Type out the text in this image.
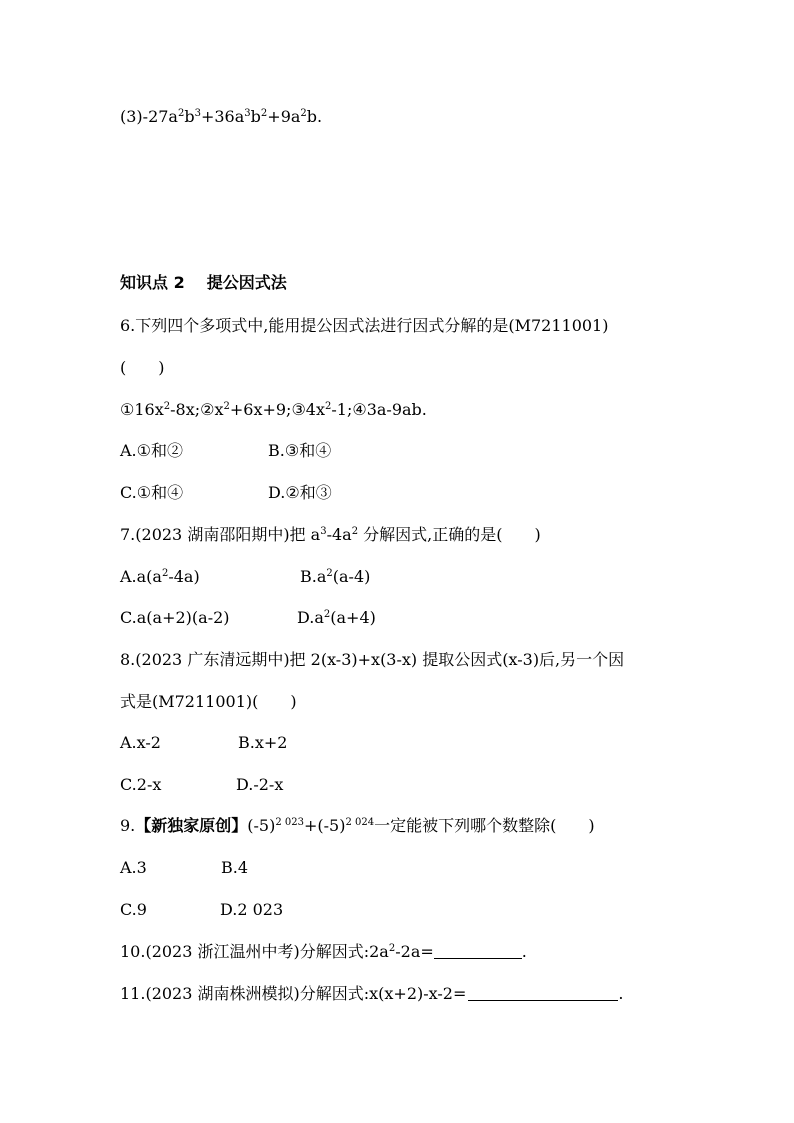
$(3)-27a^2b^3+36a^3b^2+9a^2b$.
知识点 2 提公因式法
6.下列四个多项式中,能用提公因式法进行因式分解的是(M7211001)
(　　)
$①16x^2-8x;②x^2+6x+9;③4x^2-1;④3a-9ab$.
A.①和②	B.③和④
C.①和④	D.②和③
7.(2023 湖南邵阳期中)把 $a^3-4a^2$ 分解因式,正确的是(　　)
$A.a(a^2-4a)$	$B.a^2(a-4)$
C.a(a+2)(a-2)	$D.a^2(a+4)$
8.(2023 广东清远期中)把 2(x-3)+x(3-x) 提取公因式(x-3)后,另一个因
式是(M7211001)(　　)
A.x-2	B.x+2
C.2-x	D.-2-x
9.【新独家原创】$(-5)^{2 023}+(-5)^{2 024}$一定能被下列哪个数整除(　　)
A.3	B.4
C.9	D.2 023
10.(2023 浙江温州中考)分解因式$:2a^2-2a=$	.
11.(2023 湖南株洲模拟)分解因式:x(x+2)-x-2=	.
